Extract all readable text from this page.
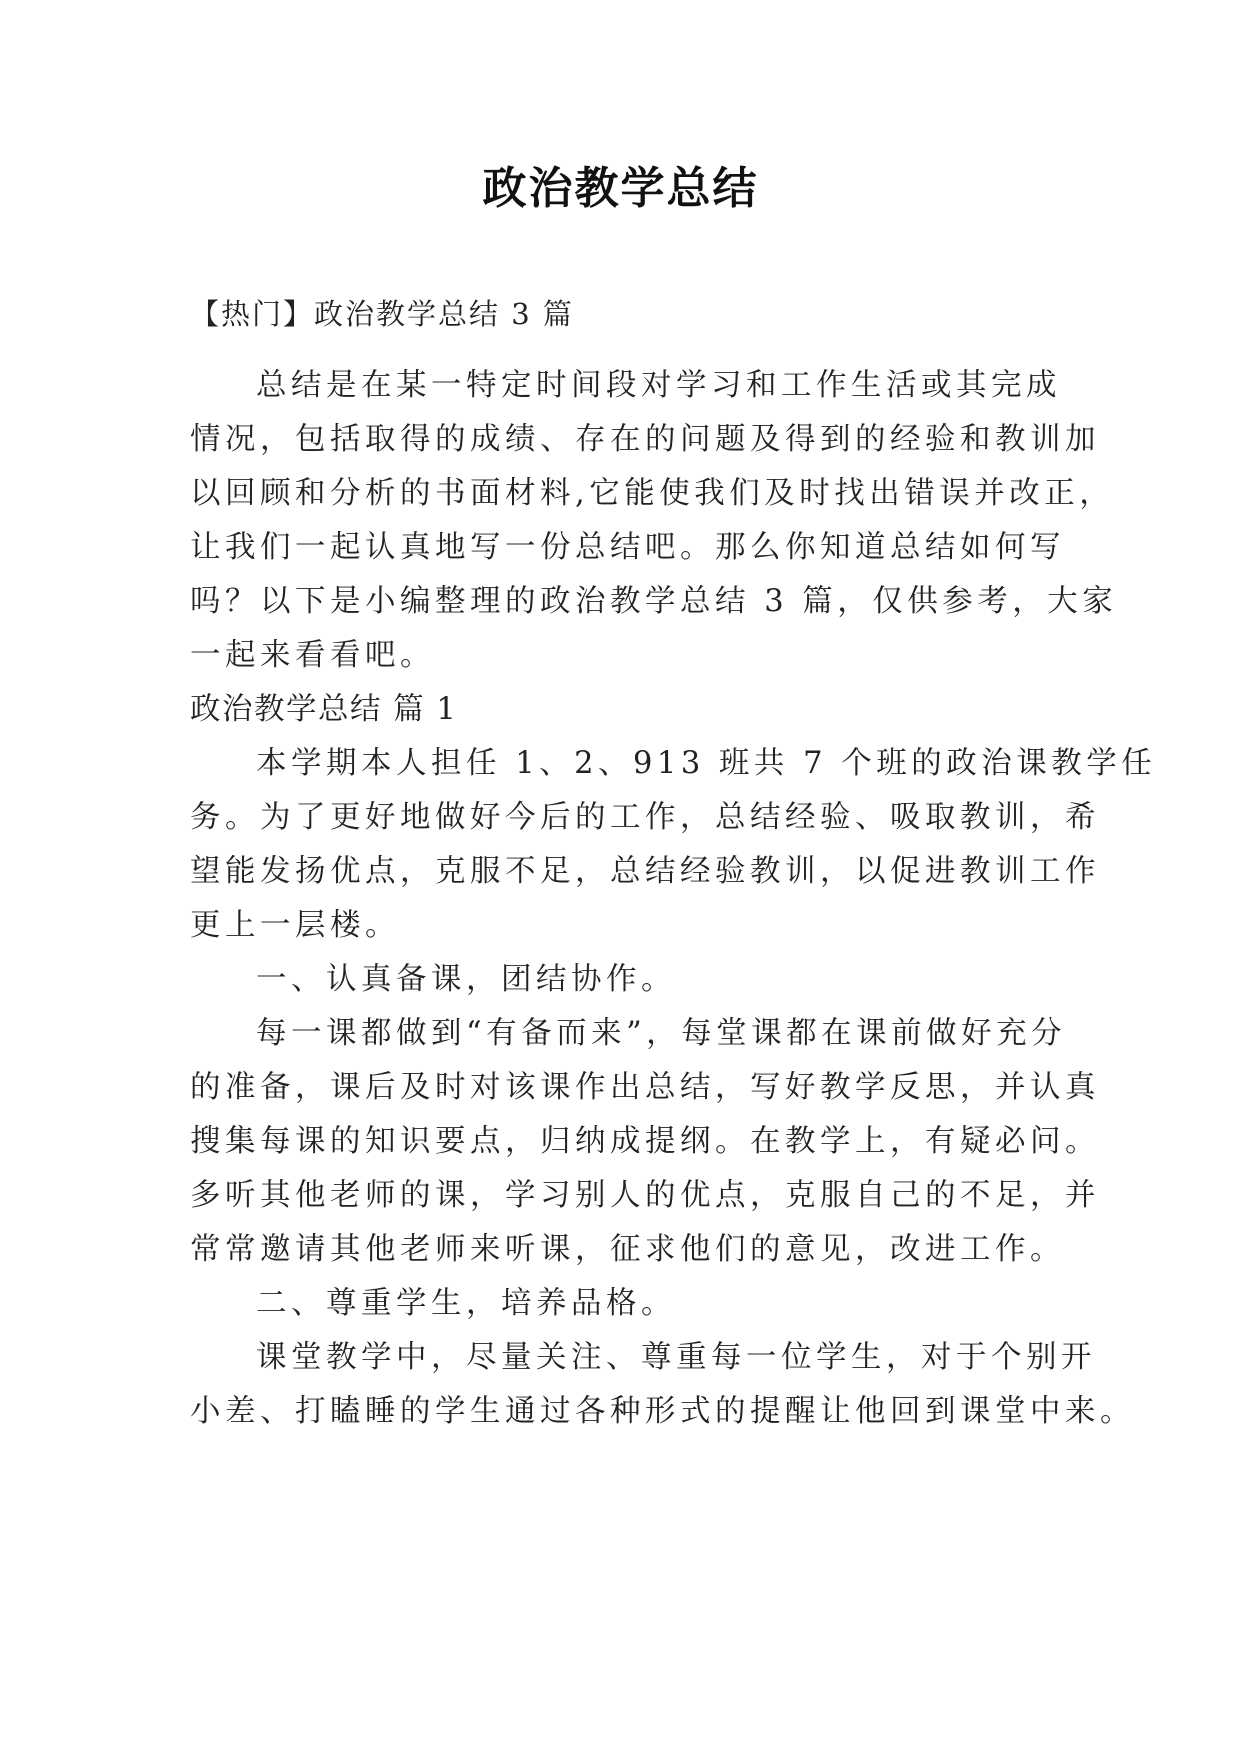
政治教学总结
【热门】政治教学总结 3 篇
总结是在某一特定时间段对学习和工作生活或其完成
情况，包括取得的成绩、存在的问题及得到的经验和教训加
以回顾和分析的书面材料,它能使我们及时找出错误并改正，
让我们一起认真地写一份总结吧。那么你知道总结如何写
吗？以下是小编整理的政治教学总结 3 篇，仅供参考，大家
一起来看看吧。
政治教学总结 篇 1
本学期本人担任 1、2、913 班共 7 个班的政治课教学任
务。为了更好地做好今后的工作，总结经验、吸取教训，希
望能发扬优点，克服不足，总结经验教训，以促进教训工作
更上一层楼。
一、认真备课，团结协作。
每一课都做到“有备而来”，每堂课都在课前做好充分
的准备，课后及时对该课作出总结，写好教学反思，并认真
搜集每课的知识要点，归纳成提纲。在教学上，有疑必问。
多听其他老师的课，学习别人的优点，克服自己的不足，并
常常邀请其他老师来听课，征求他们的意见，改进工作。
二、尊重学生，培养品格。
课堂教学中，尽量关注、尊重每一位学生，对于个别开
小差、打瞌睡的学生通过各种形式的提醒让他回到课堂中来。
